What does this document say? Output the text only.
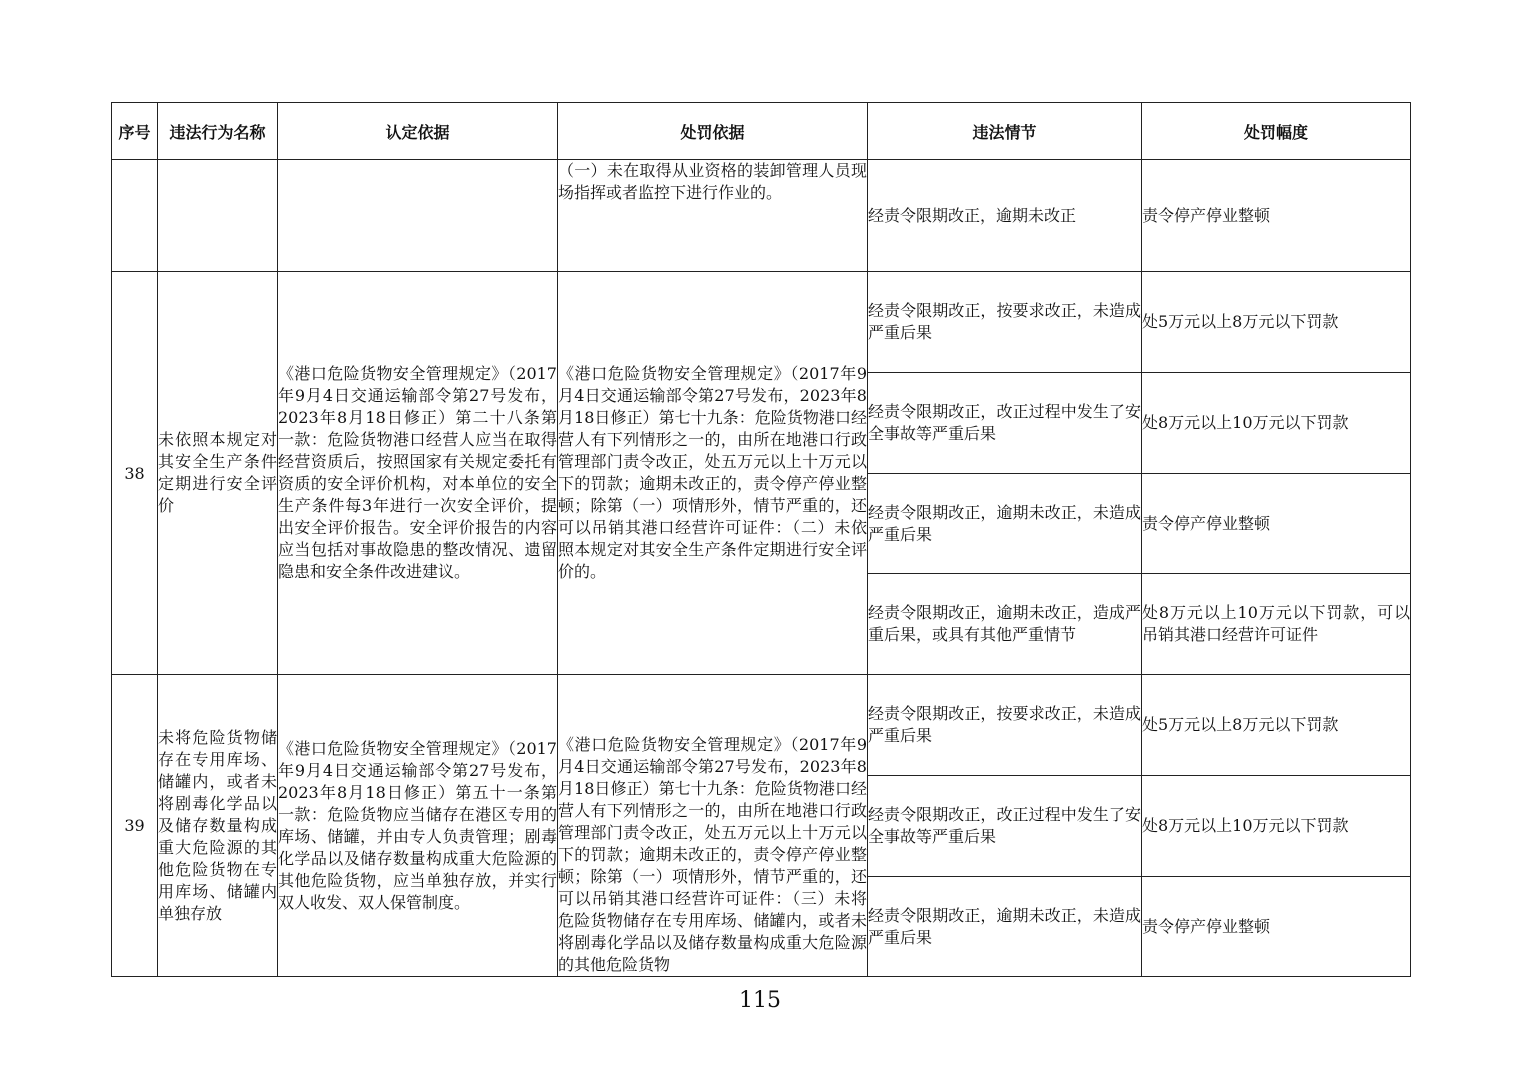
序号	违法行为名称	认定依据	处罚依据	违法情节	处罚幅度
			（一）未在取得从业资格的装卸管理人员现场指挥或者监控下进行作业的。	经责令限期改正，逾期未改正	责令停产停业整顿
38	未依照本规定对其安全生产条件定期进行安全评价	《港口危险货物安全管理规定》（2017年9月4日交通运输部令第27号发布，2023年8月18日修正）第二十八条第一款：危险货物港口经营人应当在取得经营资质后，按照国家有关规定委托有资质的安全评价机构，对本单位的安全生产条件每3年进行一次安全评价，提出安全评价报告。安全评价报告的内容应当包括对事故隐患的整改情况、遗留隐患和安全条件改进建议。	《港口危险货物安全管理规定》（2017年9月4日交通运输部令第27号发布，2023年8月18日修正）第七十九条：危险货物港口经营人有下列情形之一的，由所在地港口行政管理部门责令改正，处五万元以上十万元以下的罚款；逾期未改正的，责令停产停业整顿；除第（一）项情形外，情节严重的，还可以吊销其港口经营许可证件：（二）未依照本规定对其安全生产条件定期进行安全评价的。	经责令限期改正，按要求改正，未造成严重后果	处5万元以上8万元以下罚款
				经责令限期改正，改正过程中发生了安全事故等严重后果	处8万元以上10万元以下罚款
				经责令限期改正，逾期未改正，未造成严重后果	责令停产停业整顿
				经责令限期改正，逾期未改正，造成严重后果，或具有其他严重情节	处8万元以上10万元以下罚款，可以吊销其港口经营许可证件
39	未将危险货物储存在专用库场、储罐内，或者未将剧毒化学品以及储存数量构成重大危险源的其他危险货物在专用库场、储罐内单独存放	《港口危险货物安全管理规定》（2017年9月4日交通运输部令第27号发布，2023年8月18日修正）第五十一条第一款：危险货物应当储存在港区专用的库场、储罐，并由专人负责管理；剧毒化学品以及储存数量构成重大危险源的其他危险货物，应当单独存放，并实行双人收发、双人保管制度。	《港口危险货物安全管理规定》（2017年9月4日交通运输部令第27号发布，2023年8月18日修正）第七十九条：危险货物港口经营人有下列情形之一的，由所在地港口行政管理部门责令改正，处五万元以上十万元以下的罚款；逾期未改正的，责令停产停业整顿；除第（一）项情形外，情节严重的，还可以吊销其港口经营许可证件：（三）未将危险货物储存在专用库场、储罐内，或者未将剧毒化学品以及储存数量构成重大危险源的其他危险货物	经责令限期改正，按要求改正，未造成严重后果	处5万元以上8万元以下罚款
				经责令限期改正，改正过程中发生了安全事故等严重后果	处8万元以上10万元以下罚款
				经责令限期改正，逾期未改正，未造成严重后果	责令停产停业整顿
115
